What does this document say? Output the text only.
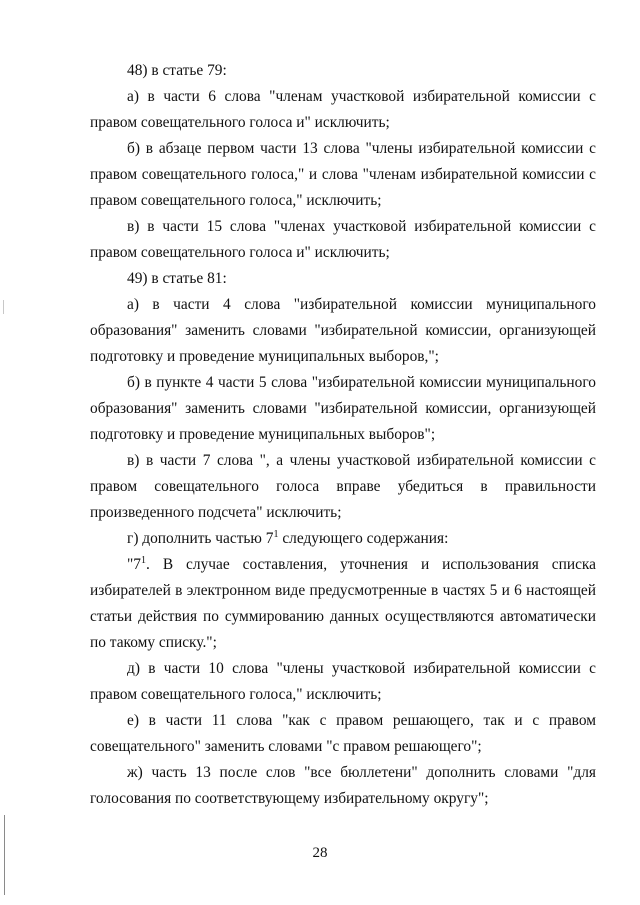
48) в статье 79:

а) в части 6 слова "членам участковой избирательной комиссии с правом совещательного голоса и" исключить;

б) в абзаце первом части 13 слова "члены избирательной комиссии с правом совещательного голоса," и слова "членам избирательной комиссии с правом совещательного голоса," исключить;

в) в части 15 слова "членах участковой избирательной комиссии с правом совещательного голоса и" исключить;

49) в статье 81:

а) в части 4 слова "избирательной комиссии муниципального образования" заменить словами "избирательной комиссии, организующей подготовку и проведение муниципальных выборов,";

б) в пункте 4 части 5 слова "избирательной комиссии муниципального образования" заменить словами "избирательной комиссии, организующей подготовку и проведение муниципальных выборов";

в) в части 7 слова ", а члены участковой избирательной комиссии с правом совещательного голоса вправе убедиться в правильности произведенного подсчета" исключить;

г) дополнить частью $7^1$ следующего содержания:

"$7^1$. В случае составления, уточнения и использования списка избирателей в электронном виде предусмотренные в частях 5 и 6 настоящей статьи действия по суммированию данных осуществляются автоматически по такому списку.";

д) в части 10 слова "члены участковой избирательной комиссии с правом совещательного голоса," исключить;

е) в части 11 слова "как с правом решающего, так и с правом совещательного" заменить словами "с правом решающего";

ж) часть 13 после слов "все бюллетени" дополнить словами "для голосования по соответствующему избирательному округу";

28
